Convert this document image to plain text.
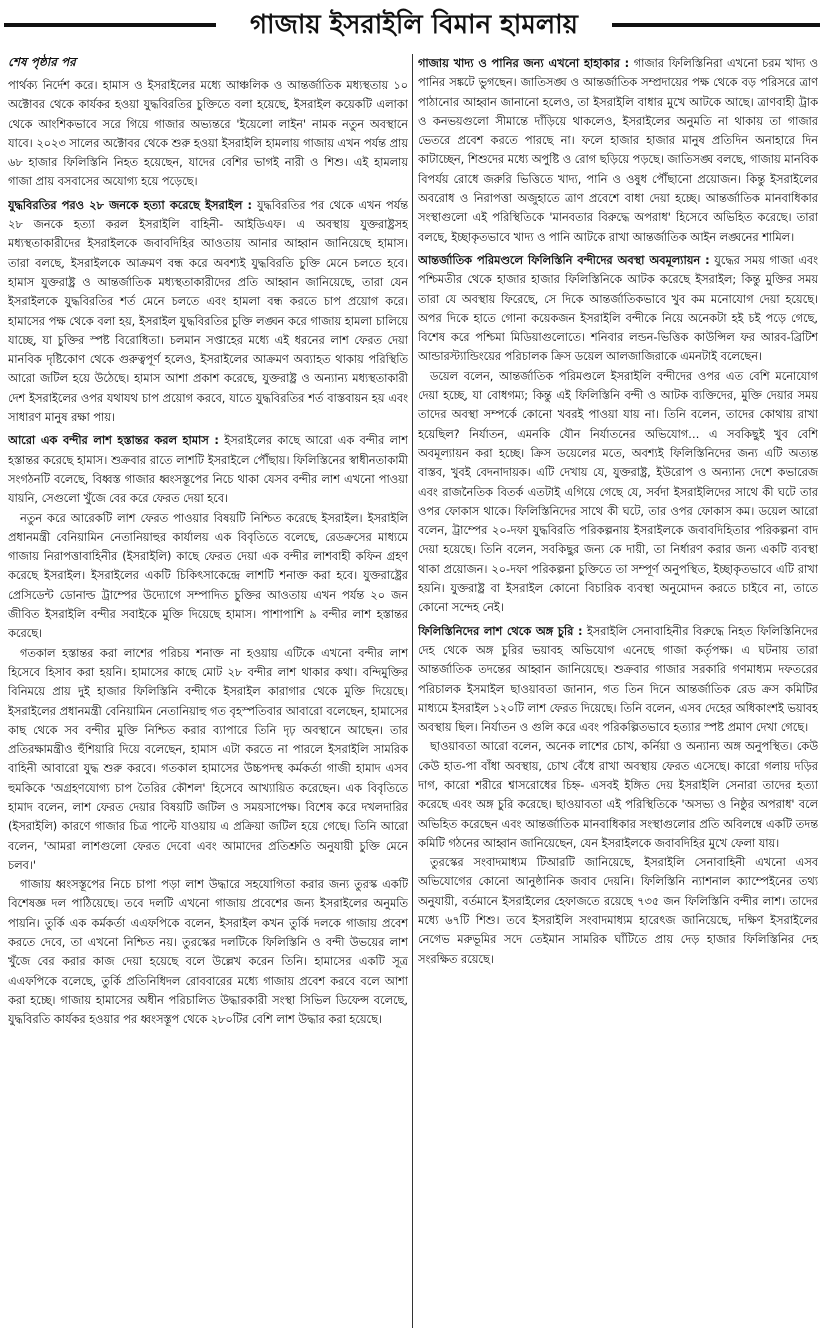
গাজায় ইসরাইলি বিমান হামলায়
শেষ পৃষ্ঠার পর

পার্থক্য নির্দেশ করে। হামাস ও ইসরাইলের মধ্যে আঞ্চলিক ও আন্তর্জাতিক মধ্যস্থতায় ১০ অক্টোবর থেকে কার্যকর হওয়া যুদ্ধবিরতির চুক্তিতে বলা হয়েছে, ইসরাইল কয়েকটি এলাকা থেকে আংশিকভাবে সরে গিয়ে গাজার অভ্যন্তরে 'ইয়েলো লাইন' নামক নতুন অবস্থানে যাবে। ২০২৩ সালের অক্টোবর থেকে শুরু হওয়া ইসরাইলি হামলায় গাজায় এখন পর্যন্ত প্রায় ৬৮ হাজার ফিলিস্তিনি নিহত হয়েছেন, যাদের বেশির ভাগই নারী ও শিশু। এই হামলায় গাজা প্রায় বসবাসের অযোগ্য হয়ে পড়েছে।

যুদ্ধবিরতির পরও ২৮ জনকে হত্যা করেছে ইসরাইল : যুদ্ধবিরতির পর থেকে এখন পর্যন্ত ২৮ জনকে হত্যা করল ইসরাইলি বাহিনী- আইডিএফ। এ অবস্থায় যুক্তরাষ্ট্রসহ মধ্যস্থতাকারীদের ইসরাইলকে জবাবদিহির আওতায় আনার আহ্বান জানিয়েছে হামাস। তারা বলছে, ইসরাইলকে আক্রমণ বন্ধ করে অবশ্যই যুদ্ধবিরতি চুক্তি মেনে চলতে হবে। হামাস যুক্তরাষ্ট্র ও আন্তর্জাতিক মধ্যস্থতাকারীদের প্রতি আহ্বান জানিয়েছে, তারা যেন ইসরাইলকে যুদ্ধবিরতির শর্ত মেনে চলতে এবং হামলা বন্ধ করতে চাপ প্রয়োগ করে। হামাসের পক্ষ থেকে বলা হয়, ইসরাইল যুদ্ধবিরতির চুক্তি লঙ্ঘন করে গাজায় হামলা চালিয়ে যাচ্ছে, যা চুক্তির স্পষ্ট বিরোধিতা। চলমান সপ্তাহের মধ্যে এই ধরনের লাশ ফেরত দেয়া মানবিক দৃষ্টিকোণ থেকে গুরুত্বপূর্ণ হলেও, ইসরাইলের আক্রমণ অব্যাহত থাকায় পরিস্থিতি আরো জটিল হয়ে উঠেছে। হামাস আশা প্রকাশ করেছে, যুক্তরাষ্ট্র ও অন্যান্য মধ্যস্থতাকারী দেশ ইসরাইলের ওপর যথাযথ চাপ প্রয়োগ করবে, যাতে যুদ্ধবিরতির শর্ত বাস্তবায়ন হয় এবং সাধারণ মানুষ রক্ষা পায়।

আরো এক বন্দীর লাশ হস্তান্তর করল হামাস : ইসরাইলের কাছে আরো এক বন্দীর লাশ হস্তান্তর করেছে হামাস। শুক্রবার রাতে লাশটি ইসরাইলে পৌঁছায়। ফিলিস্তিনের স্বাধীনতাকামী সংগঠনটি বলেছে, বিধ্বস্ত গাজার ধ্বংসস্তূপের নিচে থাকা যেসব বন্দীর লাশ এখনো পাওয়া যায়নি, সেগুলো খুঁজে বের করে ফেরত দেয়া হবে।

নতুন করে আরেকটি লাশ ফেরত পাওয়ার বিষয়টি নিশ্চিত করেছে ইসরাইল। ইসরাইলি প্রধানমন্ত্রী বেনিয়ামিন নেতানিয়াহুর কার্যালয় এক বিবৃতিতে বলেছে, রেডক্রসের মাধ্যমে গাজায় নিরাপত্তাবাহিনীর (ইসরাইলি) কাছে ফেরত দেয়া এক বন্দীর লাশবাহী কফিন গ্রহণ করেছে ইসরাইল। ইসরাইলের একটি চিকিৎসাকেন্দ্রে লাশটি শনাক্ত করা হবে। যুক্তরাষ্ট্রের প্রেসিডেন্ট ডোনাল্ড ট্রাম্পের উদ্যোগে সম্পাদিত চুক্তির আওতায় এখন পর্যন্ত ২০ জন জীবিত ইসরাইলি বন্দীর সবাইকে মুক্তি দিয়েছে হামাস। পাশাপাশি ৯ বন্দীর লাশ হস্তান্তর করেছে।

গতকাল হস্তান্তর করা লাশের পরিচয় শনাক্ত না হওয়ায় এটিকে এখনো বন্দীর লাশ হিসেবে হিসাব করা হয়নি। হামাসের কাছে মোট ২৮ বন্দীর লাশ থাকার কথা। বন্দিমুক্তির বিনিময়ে প্রায় দুই হাজার ফিলিস্তিনি বন্দীকে ইসরাইল কারাগার থেকে মুক্তি দিয়েছে। ইসরাইলের প্রধানমন্ত্রী বেনিয়ামিন নেতানিয়াহু গত বৃহস্পতিবার আবারো বলেছেন, হামাসের কাছ থেকে সব বন্দীর মুক্তি নিশ্চিত করার ব্যাপারে তিনি দৃঢ় অবস্থানে আছেন। তার প্রতিরক্ষামন্ত্রীও হুঁশিয়ারি দিয়ে বলেছেন, হামাস এটা করতে না পারলে ইসরাইলি সামরিক বাহিনী আবারো যুদ্ধ শুরু করবে। গতকাল হামাসের উচ্চপদস্থ কর্মকর্তা গাজী হামাদ এসব হুমকিকে 'অগ্রহণযোগ্য চাপ তৈরির কৌশল' হিসেবে আখ্যায়িত করেছেন। এক বিবৃতিতে হামাদ বলেন, লাশ ফেরত দেয়ার বিষয়টি জটিল ও সময়সাপেক্ষ। বিশেষ করে দখলদারির (ইসরাইলি) কারণে গাজার চিত্র পাল্টে যাওয়ায় এ প্রক্রিয়া জটিল হয়ে গেছে। তিনি আরো বলেন, 'আমরা লাশগুলো ফেরত দেবো এবং আমাদের প্রতিশ্রুতি অনুযায়ী চুক্তি মেনে চলব।'

গাজায় ধ্বংসস্তূপের নিচে চাপা পড়া লাশ উদ্ধারে সহযোগিতা করার জন্য তুরস্ক একটি বিশেষজ্ঞ দল পাঠিয়েছে। তবে দলটি এখনো গাজায় প্রবেশের জন্য ইসরাইলের অনুমতি পায়নি। তুর্কি এক কর্মকর্তা এএফপিকে বলেন, ইসরাইল কখন তুর্কি দলকে গাজায় প্রবেশ করতে দেবে, তা এখনো নিশ্চিত নয়। তুরস্কের দলটিকে ফিলিস্তিনি ও বন্দী উভয়ের লাশ খুঁজে বের করার কাজ দেয়া হয়েছে বলে উল্লেখ করেন তিনি। হামাসের একটি সূত্র এএফপিকে বলেছে, তুর্কি প্রতিনিধিদল রোববারের মধ্যে গাজায় প্রবেশ করবে বলে আশা করা হচ্ছে। গাজায় হামাসের অধীন পরিচালিত উদ্ধারকারী সংস্থা সিভিল ডিফেন্স বলেছে, যুদ্ধবিরতি কার্যকর হওয়ার পর ধ্বংসস্তূপ থেকে ২৮০টির বেশি লাশ উদ্ধার করা হয়েছে।

গাজায় খাদ্য ও পানির জন্য এখনো হাহাকার : গাজার ফিলিস্তিনিরা এখনো চরম খাদ্য ও পানির সঙ্কটে ভুগছেন। জাতিসঙ্ঘ ও আন্তর্জাতিক সম্প্রদায়ের পক্ষ থেকে বড় পরিসরে ত্রাণ পাঠানোর আহ্বান জানানো হলেও, তা ইসরাইলি বাধার মুখে আটকে আছে। ত্রাণবাহী ট্রাক ও কনভয়গুলো সীমান্তে দাঁড়িয়ে থাকলেও, ইসরাইলের অনুমতি না থাকায় তা গাজার ভেতরে প্রবেশ করতে পারছে না। ফলে হাজার হাজার মানুষ প্রতিদিন অনাহারে দিন কাটাচ্ছেন, শিশুদের মধ্যে অপুষ্টি ও রোগ ছড়িয়ে পড়ছে। জাতিসঙ্ঘ বলছে, গাজায় মানবিক বিপর্যয় রোধে জরুরি ভিত্তিতে খাদ্য, পানি ও ওষুধ পৌঁছানো প্রয়োজন। কিন্তু ইসরাইলের অবরোধ ও নিরাপত্তা অজুহাতে ত্রাণ প্রবেশে বাধা দেয়া হচ্ছে। আন্তর্জাতিক মানবাধিকার সংস্থাগুলো এই পরিস্থিতিকে 'মানবতার বিরুদ্ধে অপরাধ' হিসেবে অভিহিত করেছে। তারা বলছে, ইচ্ছাকৃতভাবে খাদ্য ও পানি আটকে রাখা আন্তর্জাতিক আইন লঙ্ঘনের শামিল।

আন্তর্জাতিক পরিমণ্ডলে ফিলিস্তিনি বন্দীদের অবস্থা অবমূল্যায়ন : যুদ্ধের সময় গাজা এবং পশ্চিমতীর থেকে হাজার হাজার ফিলিস্তিনিকে আটক করেছে ইসরাইল; কিন্তু মুক্তির সময় তারা যে অবস্থায় ফিরেছে, সে দিকে আন্তর্জাতিকভাবে খুব কম মনোযোগ দেয়া হয়েছে। অপর দিকে হাতে গোনা কয়েকজন ইসরাইলি বন্দীকে নিয়ে অনেকটা হই চই পড়ে গেছে, বিশেষ করে পশ্চিমা মিডিয়াগুলোতে। শনিবার লন্ডন-ভিত্তিক কাউন্সিল ফর আরব-ব্রিটিশ আন্ডারস্ট্যান্ডিংয়ের পরিচালক ক্রিস ডয়েল আলজাজিরাকে এমনটাই বলেছেন।

ডয়েল বলেন, আন্তর্জাতিক পরিমণ্ডলে ইসরাইলি বন্দীদের ওপর এত বেশি মনোযোগ দেয়া হচ্ছে, যা বোধগম্য; কিন্তু এই ফিলিস্তিনি বন্দী ও আটক ব্যক্তিদের, মুক্তি দেয়ার সময় তাদের অবস্থা সম্পর্কে কোনো খবরই পাওয়া যায় না। তিনি বলেন, তাদের কোথায় রাখা হয়েছিল? নির্যাতন, এমনকি যৌন নির্যাতনের অভিযোগ… এ সবকিছুই খুব বেশি অবমূল্যায়ন করা হচ্ছে। ক্রিস ডয়েলের মতে, অবশ্যই ফিলিস্তিনিদের জন্য এটি অত্যন্ত বাস্তব, খুবই বেদনাদায়ক। এটি দেখায় যে, যুক্তরাষ্ট্র, ইউরোপ ও অন্যান্য দেশে কভারেজ এবং রাজনৈতিক বিতর্ক এতটাই এগিয়ে গেছে যে, সর্বদা ইসরাইলিদের সাথে কী ঘটে তার ওপর ফোকাস থাকে। ফিলিস্তিনিদের সাথে কী ঘটে, তার ওপর ফোকাস কম। ডয়েল আরো বলেন, ট্রাম্পের ২০-দফা যুদ্ধবিরতি পরিকল্পনায় ইসরাইলকে জবাবদিহিতার পরিকল্পনা বাদ দেয়া হয়েছে। তিনি বলেন, সবকিছুর জন্য কে দায়ী, তা নির্ধারণ করার জন্য একটি ব্যবস্থা থাকা প্রয়োজন। ২০-দফা পরিকল্পনা চুক্তিতে তা সম্পূর্ণ অনুপস্থিত, ইচ্ছাকৃতভাবে এটি রাখা হয়নি। যুক্তরাষ্ট্র বা ইসরাইল কোনো বিচারিক ব্যবস্থা অনুমোদন করতে চাইবে না, তাতে কোনো সন্দেহ নেই।

ফিলিস্তিনিদের লাশ থেকে অঙ্গ চুরি : ইসরাইলি সেনাবাহিনীর বিরুদ্ধে নিহত ফিলিস্তিনিদের দেহ থেকে অঙ্গ চুরির ভয়াবহ অভিযোগ এনেছে গাজা কর্তৃপক্ষ। এ ঘটনায় তারা আন্তর্জাতিক তদন্তের আহ্বান জানিয়েছে। শুক্রবার গাজার সরকারি গণমাধ্যম দফতরের পরিচালক ইসমাইল ছাওয়াবতা জানান, গত তিন দিনে আন্তর্জাতিক রেড ক্রস কমিটির মাধ্যমে ইসরাইল ১২০টি লাশ ফেরত দিয়েছে। তিনি বলেন, এসব দেহের অধিকাংশই ভয়াবহ অবস্থায় ছিল। নির্যাতন ও গুলি করে এবং পরিকল্পিতভাবে হত্যার স্পষ্ট প্রমাণ দেখা গেছে।

ছাওয়াবতা আরো বলেন, অনেক লাশের চোখ, কর্নিয়া ও অন্যান্য অঙ্গ অনুপস্থিত। কেউ কেউ হাত-পা বাঁধা অবস্থায়, চোখ বেঁধে রাখা অবস্থায় ফেরত এসেছে। কারো গলায় দড়ির দাগ, কারো শরীরে শ্বাসরোধের চিহ্ন- এসবই ইঙ্গিত দেয় ইসরাইলি সেনারা তাদের হত্যা করেছে এবং অঙ্গ চুরি করেছে। ছাওয়াবতা এই পরিস্থিতিকে 'অসভ্য ও নিষ্ঠুর অপরাধ' বলে অভিহিত করেছেন এবং আন্তর্জাতিক মানবাধিকার সংস্থাগুলোর প্রতি অবিলম্বে একটি তদন্ত কমিটি গঠনের আহ্বান জানিয়েছেন, যেন ইসরাইলকে জবাবদিহির মুখে ফেলা যায়।

তুরস্কের সংবাদমাধ্যম টিআরটি জানিয়েছে, ইসরাইলি সেনাবাহিনী এখনো এসব অভিযোগের কোনো আনুষ্ঠানিক জবাব দেয়নি। ফিলিস্তিনি ন্যাশনাল ক্যাম্পেইনের তথ্য অনুযায়ী, বর্তমানে ইসরাইলের হেফাজতে রয়েছে ৭৩৫ জন ফিলিস্তিনি বন্দীর লাশ। তাদের মধ্যে ৬৭টি শিশু। তবে ইসরাইলি সংবাদমাধ্যম হারেৎজ জানিয়েছে, দক্ষিণ ইসরাইলের নেগেভ মরুভূমির সদে তেইমান সামরিক ঘাঁটিতে প্রায় দেড় হাজার ফিলিস্তিনির দেহ সংরক্ষিত রয়েছে।
